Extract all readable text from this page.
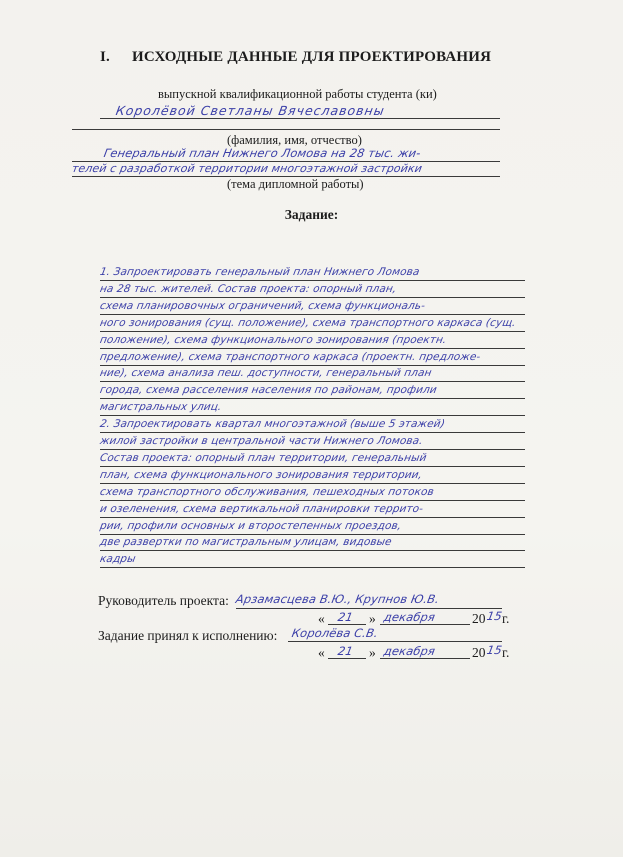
I. ИСХОДНЫЕ ДАННЫЕ ДЛЯ ПРОЕКТИРОВАНИЯ
выпускной квалификационной работы студента (ки)
Королёвой Светланы Вячеславовны
(фамилия, имя, отчество)
Генеральный план Нижнего Ломова на 28 тыс. жи-
телей с разработкой территории многоэтажной застройки
(тема дипломной работы)
Задание:
1. Запроектировать генеральный план Нижнего Ломова
на 28 тыс. жителей. Состав проекта: опорный план,
схема планировочных ограничений, схема функциональ-
ного зонирования (сущ. положение), схема транспортного каркаса (сущ.
положение), схема функционального зонирования (проектн.
предложение), схема транспортного каркаса (проектн. предложе-
ние), схема анализа пеш. доступности, генеральный план
города, схема расселения населения по районам, профили
магистральных улиц.
2. Запроектировать квартал многоэтажной (выше 5 этажей)
жилой застройки в центральной части Нижнего Ломова.
Состав проекта: опорный план территории, генеральный
план, схема функционального зонирования территории,
схема транспортного обслуживания, пешеходных потоков
и озеленения, схема вертикальной планировки террито-
рии, профили основных и второстепенных проездов,
две развертки по магистральным улицам, видовые
кадры
Руководитель проекта: Арзамасцева В.Ю., Крупнов Ю.В.
« 21 » декабря	20 15
г.
Задание принял к исполнению: Королёва С.В.
« 21 » декабря	20 15
г.
